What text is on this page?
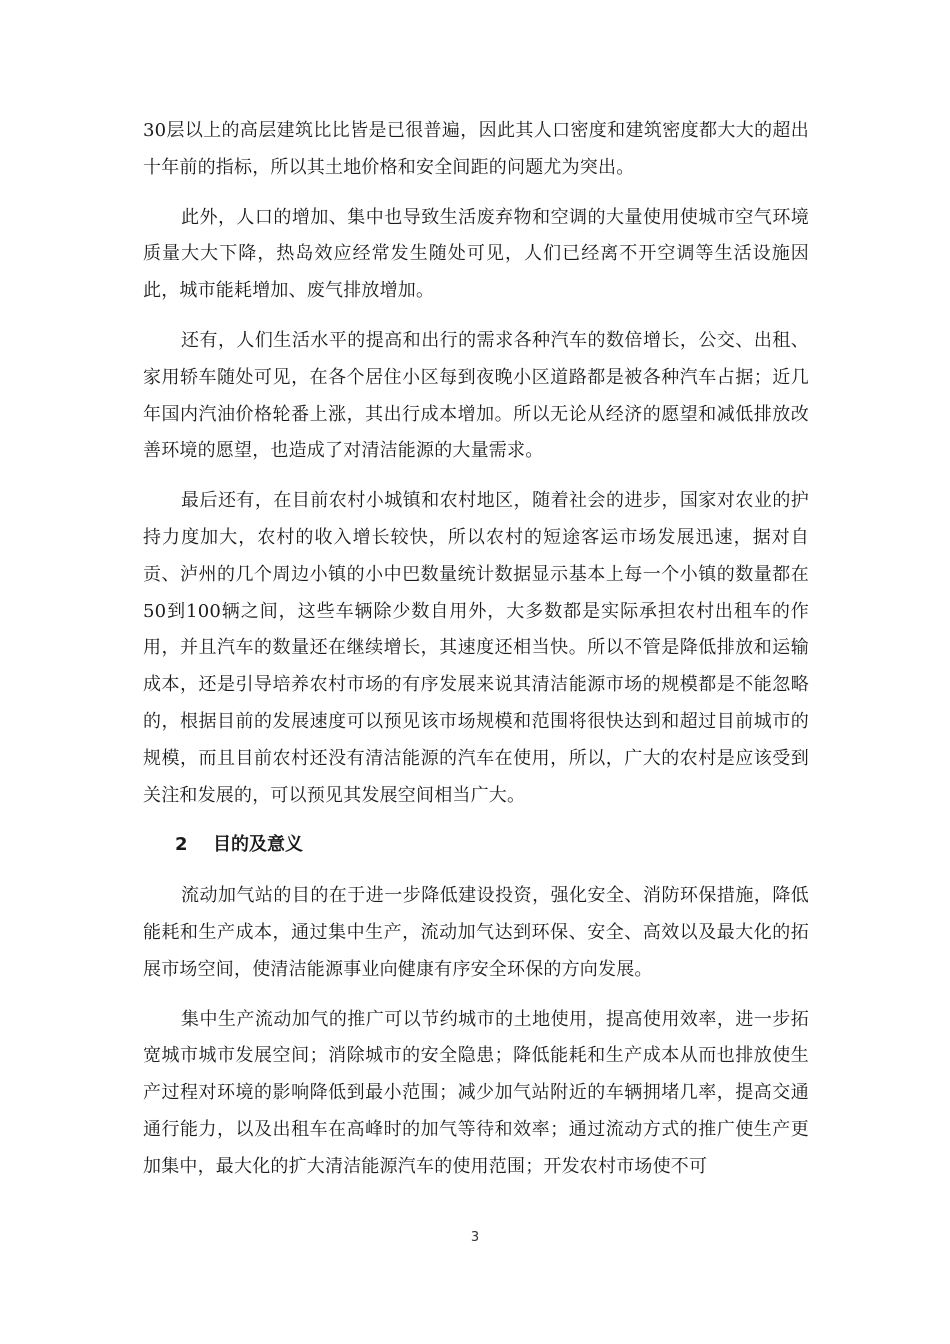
30层以上的高层建筑比比皆是已很普遍，因此其人口密度和建筑密度都大大的超出十年前的指标，所以其土地价格和安全间距的问题尤为突出。

此外，人口的增加、集中也导致生活废弃物和空调的大量使用使城市空气环境质量大大下降，热岛效应经常发生随处可见，人们已经离不开空调等生活设施因此，城市能耗增加、废气排放增加。

还有，人们生活水平的提高和出行的需求各种汽车的数倍增长，公交、出租、家用轿车随处可见，在各个居住小区每到夜晚小区道路都是被各种汽车占据；近几年国内汽油价格轮番上涨，其出行成本增加。所以无论从经济的愿望和减低排放改善环境的愿望，也造成了对清洁能源的大量需求。

最后还有，在目前农村小城镇和农村地区，随着社会的进步，国家对农业的护持力度加大，农村的收入增长较快，所以农村的短途客运市场发展迅速，据对自贡、泸州的几个周边小镇的小中巴数量统计数据显示基本上每一个小镇的数量都在50到100辆之间，这些车辆除少数自用外，大多数都是实际承担农村出租车的作用，并且汽车的数量还在继续增长，其速度还相当快。所以不管是降低排放和运输成本，还是引导培养农村市场的有序发展来说其清洁能源市场的规模都是不能忽略的，根据目前的发展速度可以预见该市场规模和范围将很快达到和超过目前城市的规模，而且目前农村还没有清洁能源的汽车在使用，所以，广大的农村是应该受到关注和发展的，可以预见其发展空间相当广大。

2 目的及意义

流动加气站的目的在于进一步降低建设投资，强化安全、消防环保措施，降低能耗和生产成本，通过集中生产，流动加气达到环保、安全、高效以及最大化的拓展市场空间，使清洁能源事业向健康有序安全环保的方向发展。

集中生产流动加气的推广可以节约城市的土地使用，提高使用效率，进一步拓宽城市城市发展空间；消除城市的安全隐患；降低能耗和生产成本从而也排放使生产过程对环境的影响降低到最小范围；减少加气站附近的车辆拥堵几率，提高交通通行能力，以及出租车在高峰时的加气等待和效率；通过流动方式的推广使生产更加集中，最大化的扩大清洁能源汽车的使用范围；开发农村市场使不可

3
